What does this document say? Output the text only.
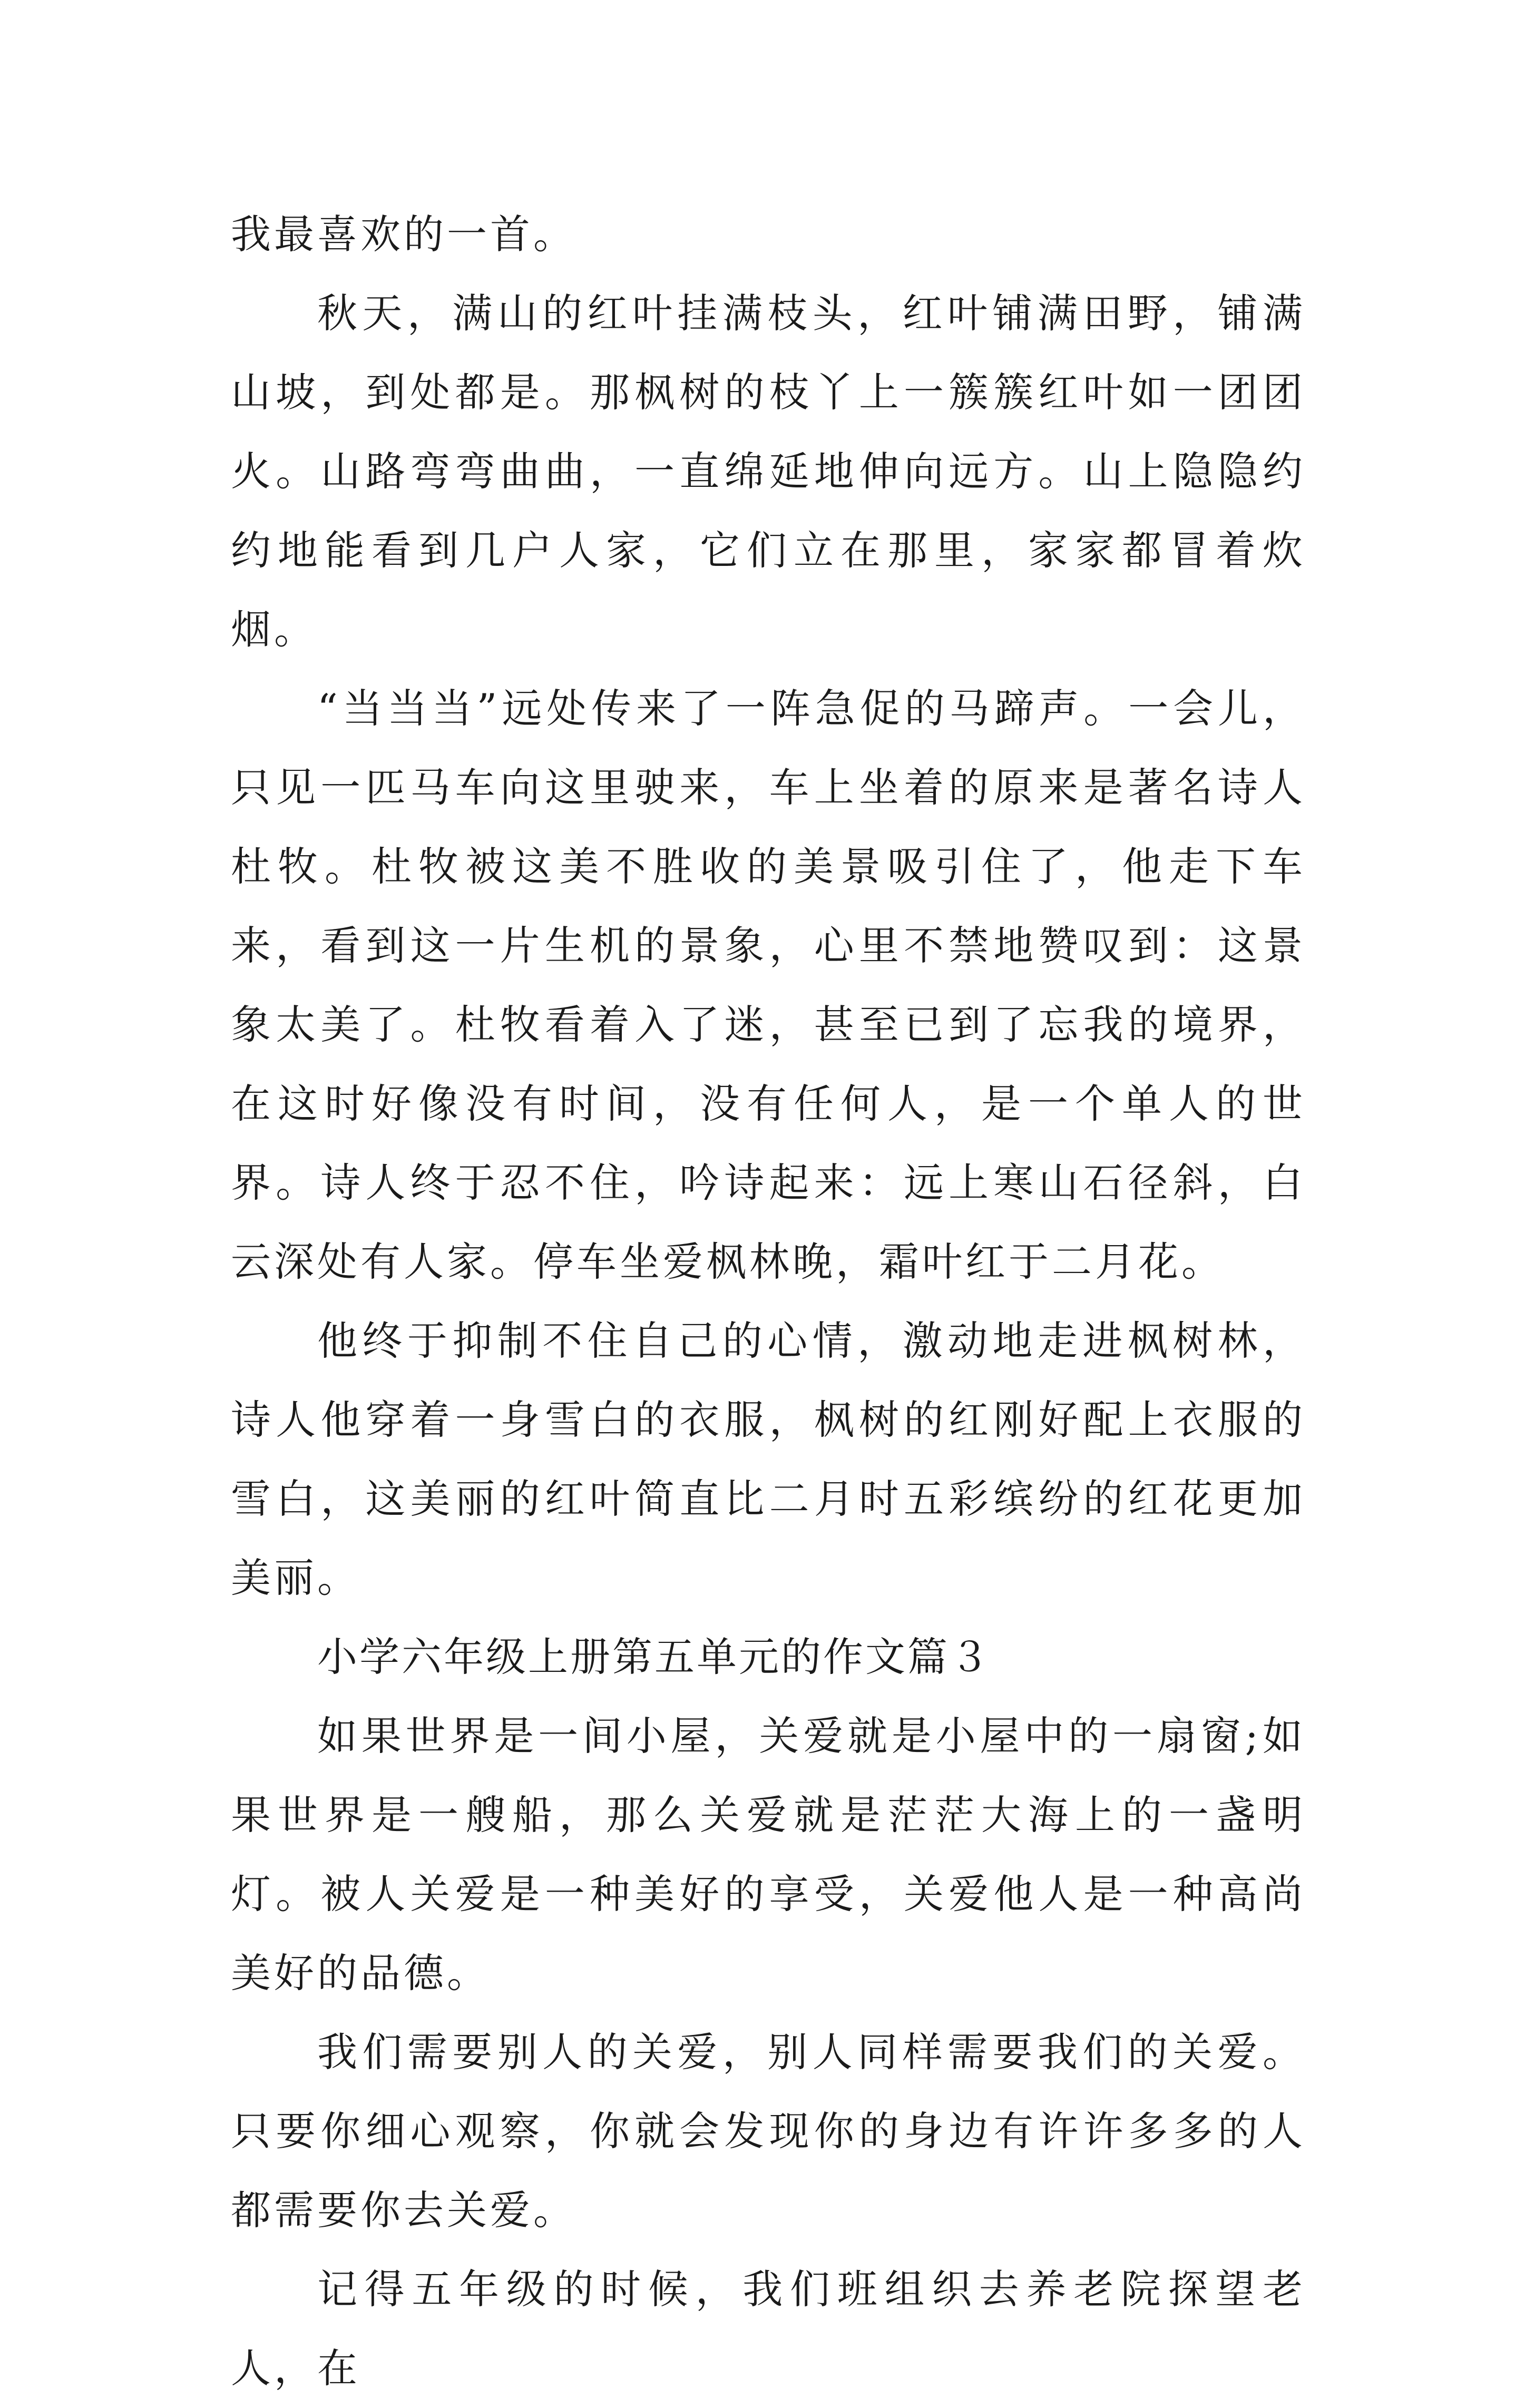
我最喜欢的一首。

秋天，满山的红叶挂满枝头，红叶铺满田野，铺满山坡，到处都是。那枫树的枝丫上一簇簇红叶如一团团火。山路弯弯曲曲，一直绵延地伸向远方。山上隐隐约约地能看到几户人家，它们立在那里，家家都冒着炊烟。

“当当当”远处传来了一阵急促的马蹄声。一会儿，只见一匹马车向这里驶来，车上坐着的原来是著名诗人杜牧。杜牧被这美不胜收的美景吸引住了，他走下车来，看到这一片生机的景象，心里不禁地赞叹到：这景象太美了。杜牧看着入了迷，甚至已到了忘我的境界，在这时好像没有时间，没有任何人，是一个单人的世界。诗人终于忍不住，吟诗起来：远上寒山石径斜，白云深处有人家。停车坐爱枫林晚，霜叶红于二月花。

他终于抑制不住自己的心情，激动地走进枫树林，诗人他穿着一身雪白的衣服，枫树的红刚好配上衣服的雪白，这美丽的红叶简直比二月时五彩缤纷的红花更加美丽。

小学六年级上册第五单元的作文篇３

如果世界是一间小屋，关爱就是小屋中的一扇窗;如果世界是一艘船，那么关爱就是茫茫大海上的一盏明灯。被人关爱是一种美好的享受，关爱他人是一种高尚美好的品德。

我们需要别人的关爱，别人同样需要我们的关爱。只要你细心观察，你就会发现你的身边有许许多多的人都需要你去关爱。

记得五年级的时候，我们班组织去养老院探望老人，在
